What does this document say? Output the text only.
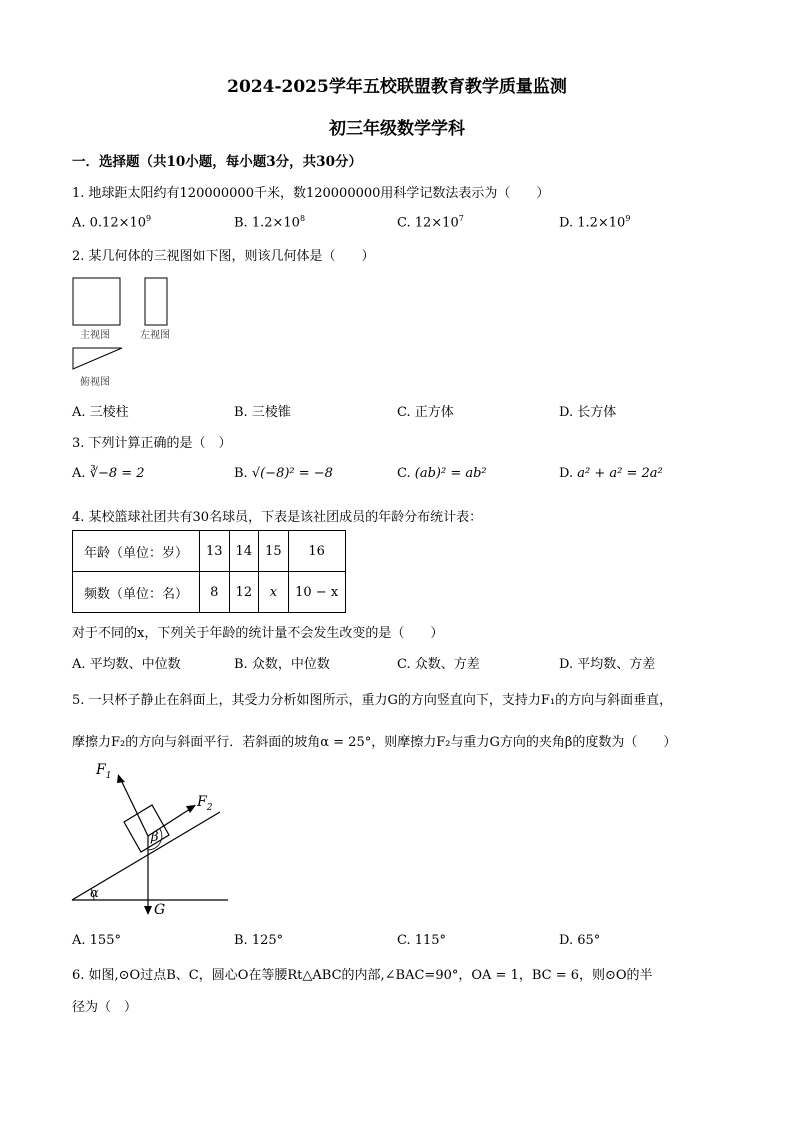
2024-2025学年五校联盟教育教学质量监测
初三年级数学学科
一．选择题（共10小题，每小题3分，共30分）
1. 地球距太阳约有120000000千米，数120000000用科学记数法表示为（　　）
A. $0.12\times 10^9$	B. $1.2\times 10^8$	C. $12\times 10^7$	D. $1.2\times 10^9$
2. 某几何体的三视图如下图，则该几何体是（　　）
主视图	左视图
俯视图
A. 三棱柱	B. 三棱锥	C. 正方体	D. 长方体
3. 下列计算正确的是（　）
A. ∛−8 = 2	B. √(−8)² = −8	C. (ab)² = ab²	D. a² + a² = 2a²
4. 某校篮球社团共有30名球员，下表是该社团成员的年龄分布统计表：
年龄（单位：岁）	13	14	15	16
频数（单位：名）	8	12	x	10 − x
对于不同的x，下列关于年龄的统计量不会发生改变的是（　　）
A. 平均数、中位数	B. 众数，中位数	C. 众数、方差	D. 平均数、方差
5. 一只杯子静止在斜面上，其受力分析如图所示，重力G的方向竖直向下，支持力F₁的方向与斜面垂直，
摩擦力F₂的方向与斜面平行．若斜面的坡角α = 25°，则摩擦力F₂与重力G方向的夹角β的度数为（　　）
$F_1$
$F_2$
G
α
β
A. 155°	B. 125°	C. 115°	D. 65°
6. 如图,⊙O过点B、C，圆心O在等腰Rt△ABC的内部,∠BAC=90°，OA = 1，BC = 6，则⊙O的半
径为（　）
